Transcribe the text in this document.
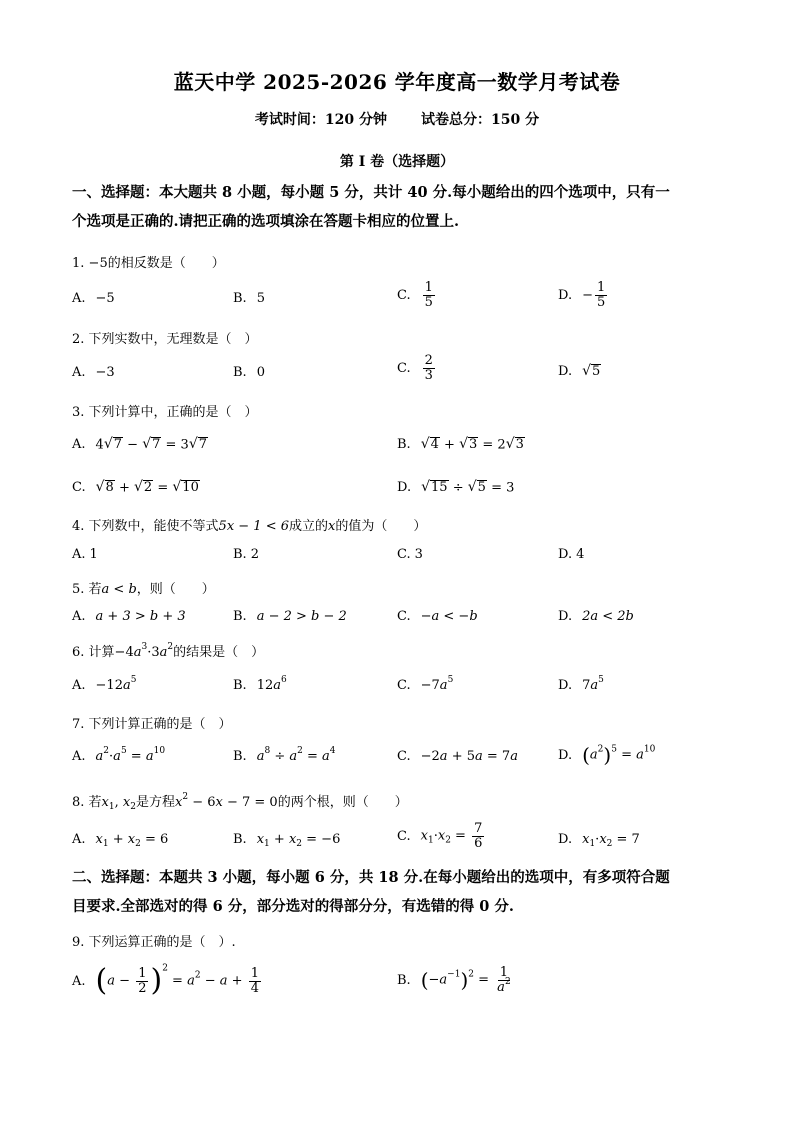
蓝天中学 2025-2026 学年度高一数学月考试卷
考试时间：120 分钟 试卷总分：150 分
第 I 卷（选择题）
一、选择题：本大题共 8 小题，每小题 5 分，共计 40 分.每小题给出的四个选项中，只有一
个选项是正确的.请把正确的选项填涂在答题卡相应的位置上.
1. −5的相反数是（　　）
A. −5	B. 5	C. $\frac{1}{5}$	D. − $\frac{1}{5}$
2. 下列实数中，无理数是（　）
A. −3	B. 0	C. $\frac{2}{3}$	D. √ 5
3. 下列计算中，正确的是（　）
A. 4 √ 7 − √ 7 = 3 √ 7	B. √ 4 + √ 3 = 2 √ 3
C. √ 8 + √ 2 = √ 10	D. √ 15 ÷ √ 5 = 3
4. 下列数中，能使不等式5x − 1 < 6成立的x的值为（　　）
A. 1	B. 2	C. 3	D. 4
5. 若a < b，则（　　）
A. a + 3 > b + 3	B. a − 2 > b − 2	C. −a < −b	D. 2a < 2b
6. 计算$-4a^3\cdot 3a^2$的结果是（　）
A. $-12a^5$	B. $12a^6$	C. $-7a^5$	D. $7a^5$
7. 下列计算正确的是（　）
A. $a^2\cdot a^5 = a^{10}$	B. $a^8 \div a^2 = a^4$	C. −2a + 5a = 7a	D. $(a^2)^5 = a^{10}$
8. 若$x_1$, $x_2$是方程$x^2 - 6x - 7 = 0$的两个根，则（　　）
A. $x_1 + x_2 = 6$	B. $x_1 + x_2 = -6$	C. $x_1\cdot x_2 = \frac{7}{6}$	D. $x_1\cdot x_2 = 7$
二、选择题：本题共 3 小题，每小题 6 分，共 18 分.在每小题给出的选项中，有多项符合题
目要求.全部选对的得 6 分，部分选对的得部分分，有选错的得 0 分.
9. 下列运算正确的是（　）.
A. $(a - \frac{1}{2} )^2 = a^2 - a + \frac{1}{4}$	B. $(-a^{-1})^2 = \frac{1}{a^2}$
